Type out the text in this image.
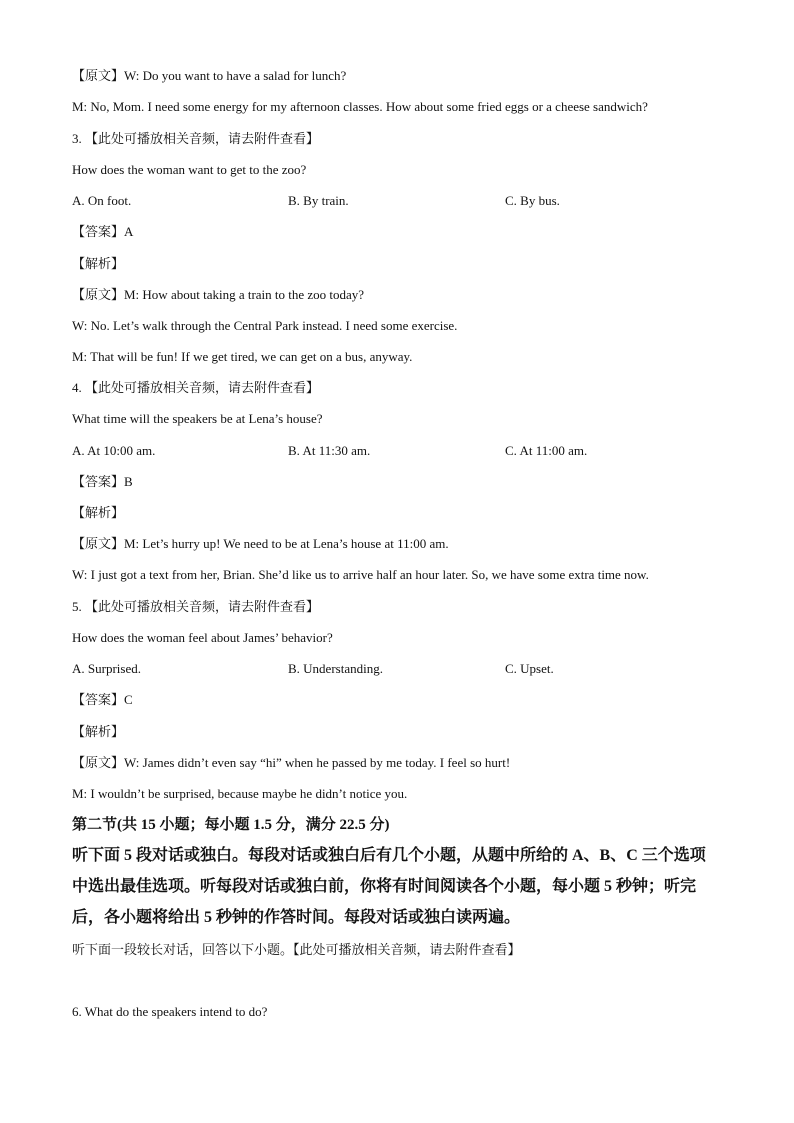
【原文】W: Do you want to have a salad for lunch?
M: No, Mom. I need some energy for my afternoon classes. How about some fried eggs or a cheese sandwich?
3. 【此处可播放相关音频，请去附件查看】
How does the woman want to get to the zoo?
A. On foot.	B. By train.	C. By bus.
【答案】A
【解析】
【原文】M: How about taking a train to the zoo today?
W: No. Let’s walk through the Central Park instead. I need some exercise.
M: That will be fun! If we get tired, we can get on a bus, anyway.
4. 【此处可播放相关音频，请去附件查看】
What time will the speakers be at Lena’s house?
A. At 10:00 am.	B. At 11:30 am.	C. At 11:00 am.
【答案】B
【解析】
【原文】M: Let’s hurry up! We need to be at Lena’s house at 11:00 am.
W: I just got a text from her, Brian. She’d like us to arrive half an hour later. So, we have some extra time now.
5. 【此处可播放相关音频，请去附件查看】
How does the woman feel about James’ behavior?
A. Surprised.	B. Understanding.	C. Upset.
【答案】C
【解析】
【原文】W: James didn’t even say “hi” when he passed by me today. I feel so hurt!
M: I wouldn’t be surprised, because maybe he didn’t notice you.
第二节(共 15 小题；每小题 1.5 分，满分 22.5 分)
听下面 5 段对话或独白。每段对话或独白后有几个小题，从题中所给的 A、B、C 三个选项
中选出最佳选项。听每段对话或独白前，你将有时间阅读各个小题，每小题 5 秒钟；听完
后，各小题将给出 5 秒钟的作答时间。每段对话或独白读两遍。
听下面一段较长对话，回答以下小题。【此处可播放相关音频，请去附件查看】
6. What do the speakers intend to do?
